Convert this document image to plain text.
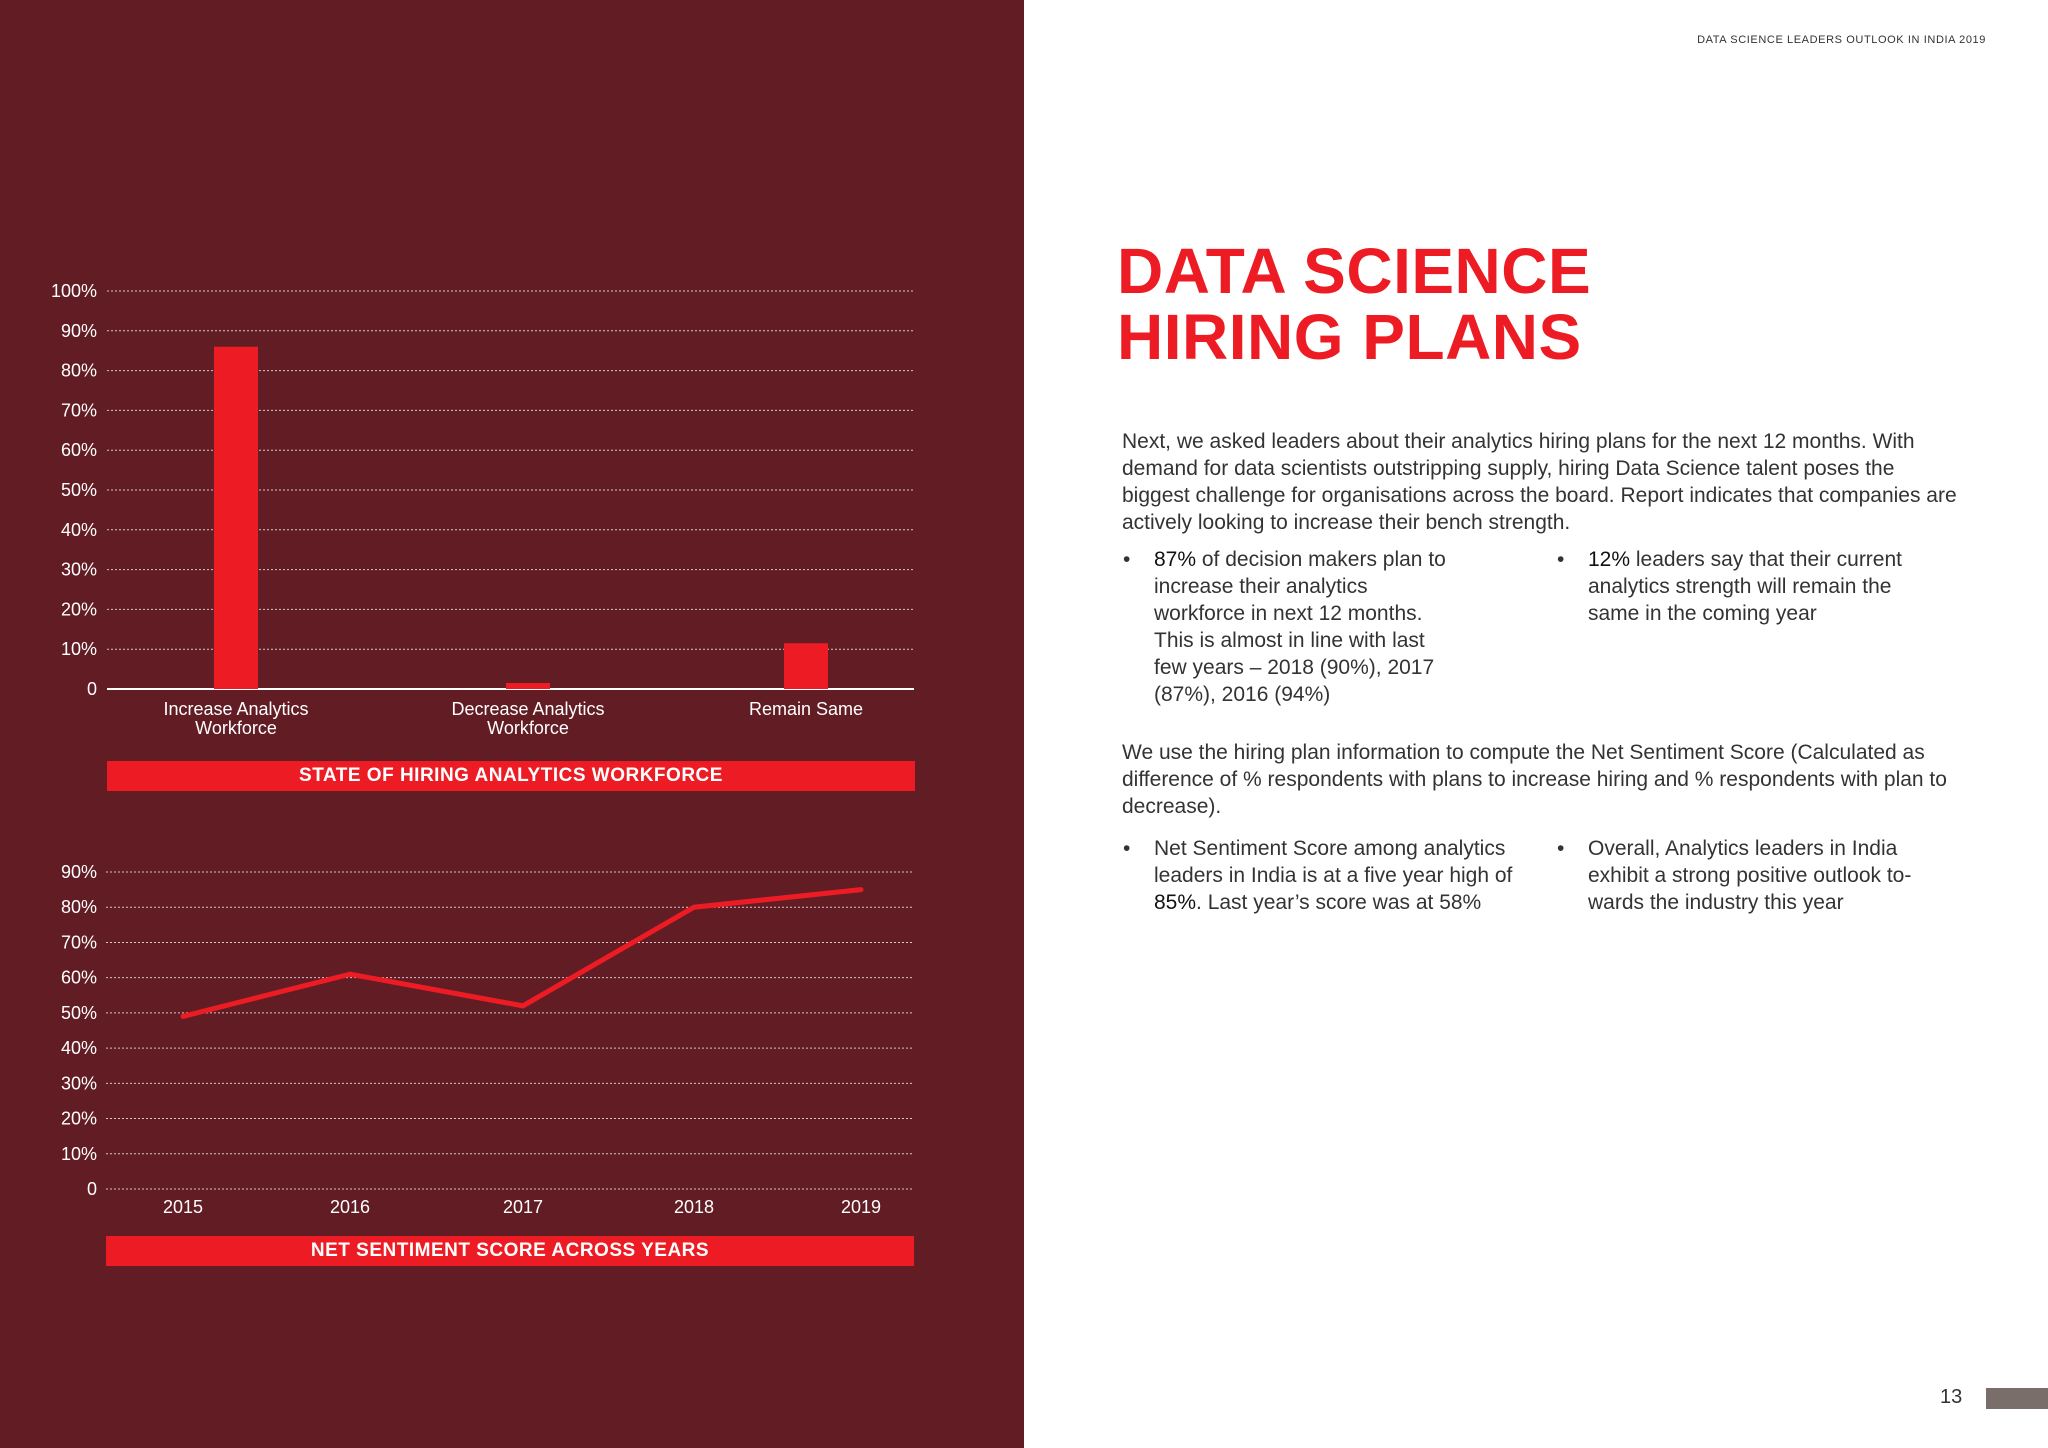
0
10%
20%
30%
40%
50%
60%
70%
80%
90%
100%
Increase Analytics
Workforce
Decrease Analytics
Workforce
Remain Same
STATE OF HIRING ANALYTICS WORKFORCE
0
10%
20%
30%
40%
50%
60%
70%
80%
90%
2015	2016	2017	2018	2019
NET SENTIMENT SCORE ACROSS YEARS
DATA SCIENCE LEADERS OUTLOOK IN INDIA 2019
DATA SCIENCE
HIRING PLANS
Next, we asked leaders about their analytics hiring plans for the next 12 months. With demand for data scientists outstripping supply, hiring Data Science talent poses the biggest challenge for organisations across the board. Report indicates that companies are actively looking to increase their bench strength.
• 87% of decision makers plan to increase their analytics workforce in next 12 months. This is almost in line with last few years – 2018 (90%), 2017 (87%), 2016 (94%)
• 12% leaders say that their current analytics strength will remain the same in the coming year
We use the hiring plan information to compute the Net Sentiment Score (Calculated as difference of % respondents with plans to increase hiring and % respondents with plan to decrease).
• Net Sentiment Score among analytics leaders in India is at a five year high of 85%. Last year’s score was at 58%
• Overall, Analytics leaders in India exhibit a strong positive outlook to-wards the industry this year
13
